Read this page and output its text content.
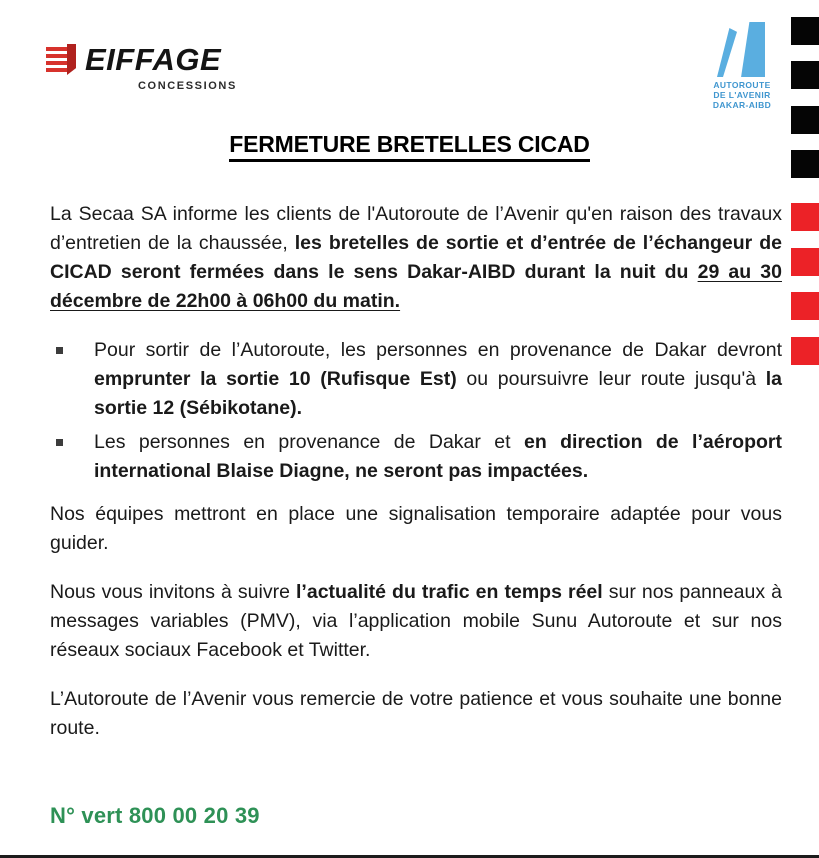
EIFFAGE
CONCESSIONS	AUTOROUTE
DE L'AVENIR
DAKAR-AIBD
FERMETURE BRETELLES CICAD

La Secaa SA informe les clients de l'Autoroute de l’Avenir qu'en raison des travaux d’entretien de la chaussée, les bretelles de sortie et d’entrée de l’échangeur de CICAD seront fermées dans le sens Dakar-AIBD durant la nuit du 29 au 30 décembre de 22h00 à 06h00 du matin.

Pour sortir de l’Autoroute, les personnes en provenance de Dakar devront emprunter la sortie 10 (Rufisque Est) ou poursuivre leur route jusqu'à la sortie 12 (Sébikotane).
Les personnes en provenance de Dakar et en direction de l’aéroport international Blaise Diagne, ne seront pas impactées.

Nos équipes mettront en place une signalisation temporaire adaptée pour vous guider.

Nous vous invitons à suivre l’actualité du trafic en temps réel sur nos panneaux à messages variables (PMV), via l’application mobile Sunu Autoroute et sur nos réseaux sociaux Facebook et Twitter.

L’Autoroute de l’Avenir vous remercie de votre patience et vous souhaite une bonne route.

N° vert 800 00 20 39
